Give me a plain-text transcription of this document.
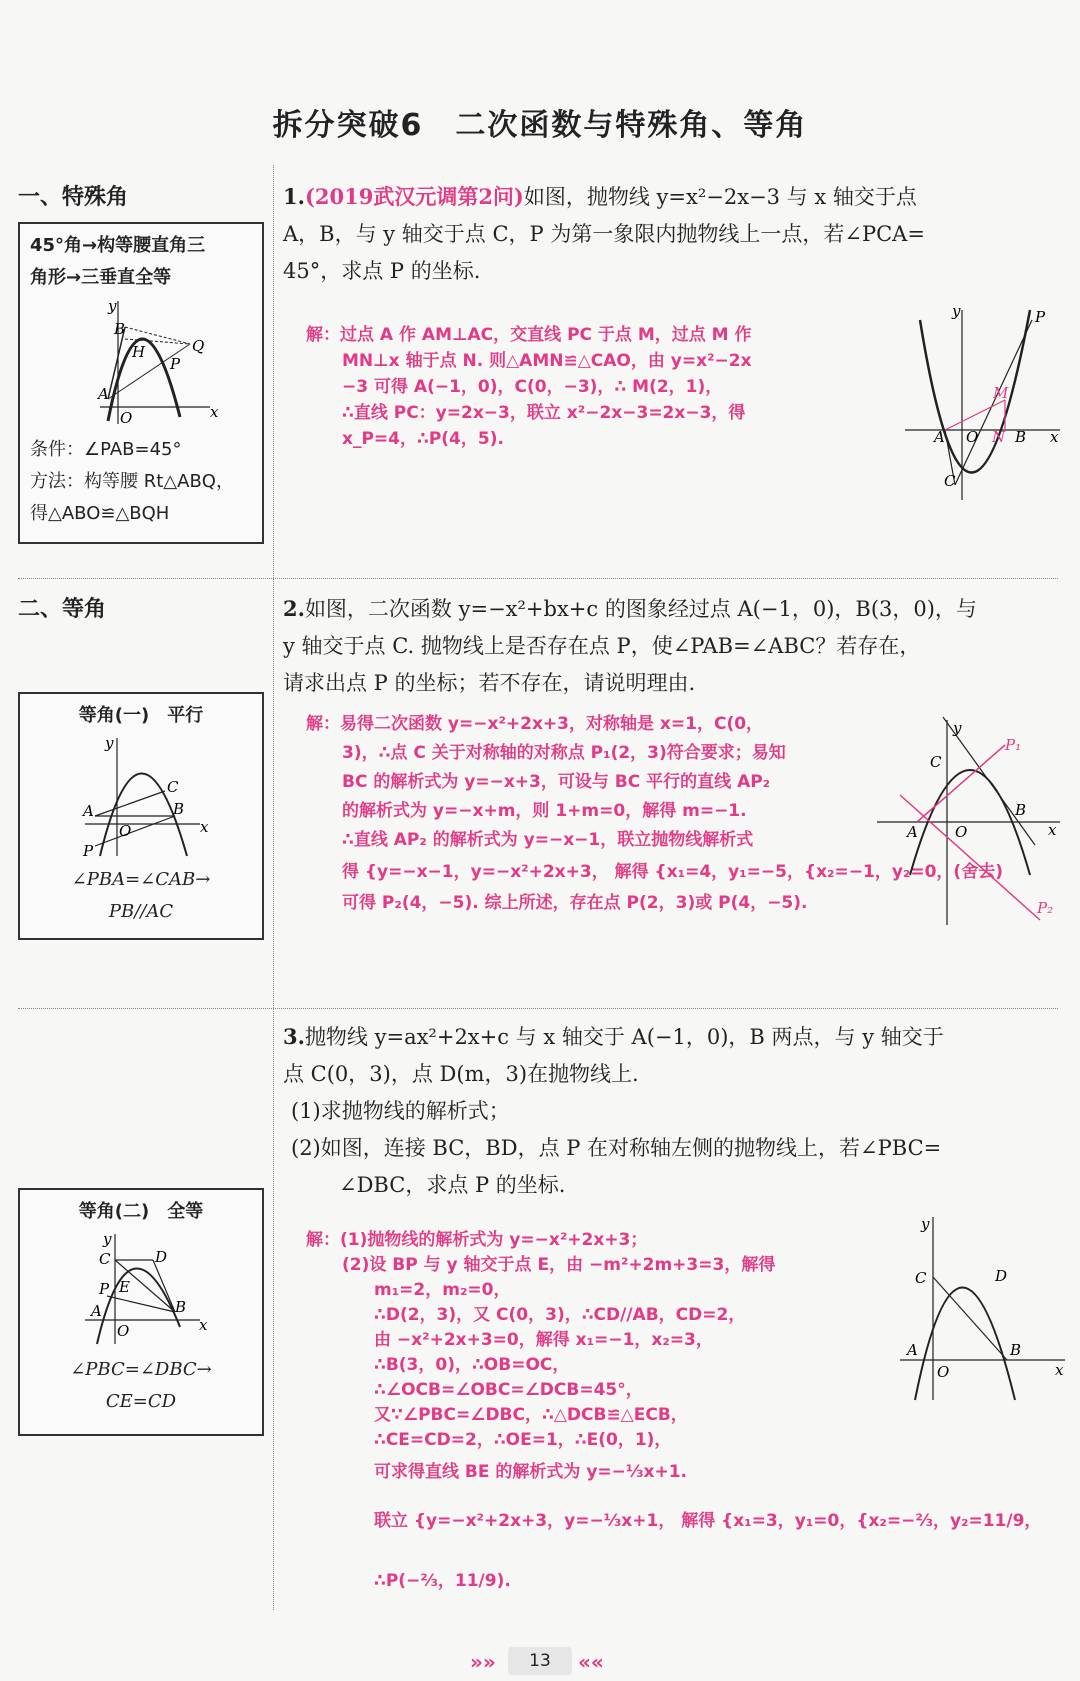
拆分突破6　二次函数与特殊角、等角
一、特殊角
45°角→构等腰直角三
角形→三垂直全等
y
B
H	Q
P
A
O	x
条件：∠PAB=45°
方法：构等腰 Rt△ABQ，
得△ABO≌△BQH
1.(2019武汉元调第2问)如图，抛物线 y=x²−2x−3 与 x 轴交于点
A，B，与 y 轴交于点 C，P 为第一象限内抛物线上一点，若∠PCA=
45°，求点 P 的坐标.
解：过点 A 作 AM⊥AC，交直线 PC 于点 M，过点 M 作
MN⊥x 轴于点 N. 则△AMN≌△CAO，由 y=x²−2x
−3 可得 A(−1，0)，C(0，−3)，∴ M(2，1)，
∴直线 PC：y=2x−3，联立 x²−2x−3=2x−3，得
x_P=4，∴P(4，5).
y	P
M
A O N B x
C
二、等角
等角(一)　平行
y
C
A	B
O	x
P
∠PBA=∠CAB→
PB//AC
2.如图，二次函数 y=−x²+bx+c 的图象经过点 A(−1，0)，B(3，0)，与
y 轴交于点 C. 抛物线上是否存在点 P，使∠PAB=∠ABC？若存在，
请求出点 P 的坐标；若不存在，请说明理由.
解：易得二次函数 y=−x²+2x+3，对称轴是 x=1，C(0，
3)，∴点 C 关于对称轴的对称点 P₁(2，3)符合要求；易知
BC 的解析式为 y=−x+3，可设与 BC 平行的直线 AP₂
的解析式为 y=−x+m，则 1+m=0，解得 m=−1.
∴直线 AP₂ 的解析式为 y=−x−1，联立抛物线解析式
得 {y=−x−1，y=−x²+2x+3， 解得 {x₁=4，y₁=−5，{x₂=−1，y₂=0，(舍去)
可得 P₂(4，−5). 综上所述，存在点 P(2，3)或 P(4，−5).
y
P₁
C
B
A O	x
P₂
3.抛物线 y=ax²+2x+c 与 x 轴交于 A(−1，0)，B 两点，与 y 轴交于
点 C(0，3)，点 D(m，3)在抛物线上.
(1)求抛物线的解析式；
(2)如图，连接 BC，BD，点 P 在对称轴左侧的抛物线上，若∠PBC=
∠DBC，求点 P 的坐标.
等角(二)　全等
y
C	D
P E
A	B
O	x
∠PBC=∠DBC→
CE=CD
解：(1)抛物线的解析式为 y=−x²+2x+3；
(2)设 BP 与 y 轴交于点 E，由 −m²+2m+3=3，解得
m₁=2，m₂=0，
∴D(2，3)，又 C(0，3)，∴CD//AB，CD=2，
由 −x²+2x+3=0，解得 x₁=−1，x₂=3，
∴B(3，0)，∴OB=OC，
∴∠OCB=∠OBC=∠DCB=45°，
又∵∠PBC=∠DBC，∴△DCB≌△ECB，
∴CE=CD=2，∴OE=1，∴E(0，1)，
可求得直线 BE 的解析式为 y=−⅓x+1.
联立 {y=−x²+2x+3，y=−⅓x+1， 解得 {x₁=3，y₁=0，{x₂=−⅔，y₂=11/9，∴P(−⅔，11/9).
y
C	D
A	B
O	x
»»	13	««
